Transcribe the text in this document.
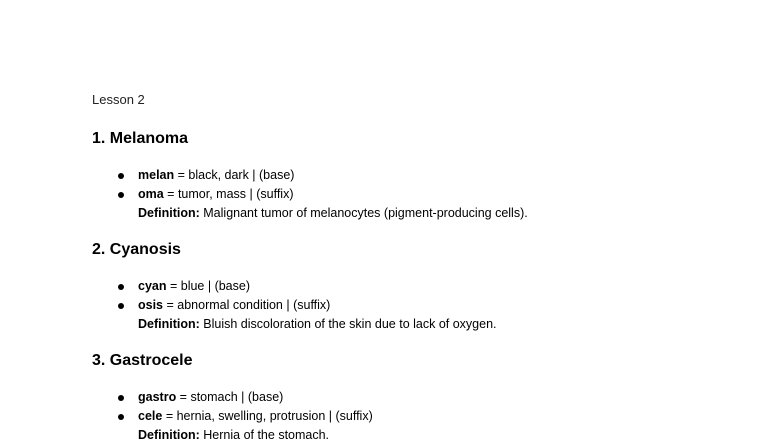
Lesson 2
1. Melanoma
melan = black, dark | (base)
oma = tumor, mass | (suffix)
Definition: Malignant tumor of melanocytes (pigment-producing cells).
2. Cyanosis
cyan = blue | (base)
osis = abnormal condition | (suffix)
Definition: Bluish discoloration of the skin due to lack of oxygen.
3. Gastrocele
gastro = stomach | (base)
cele = hernia, swelling, protrusion | (suffix)
Definition: Hernia of the stomach.
